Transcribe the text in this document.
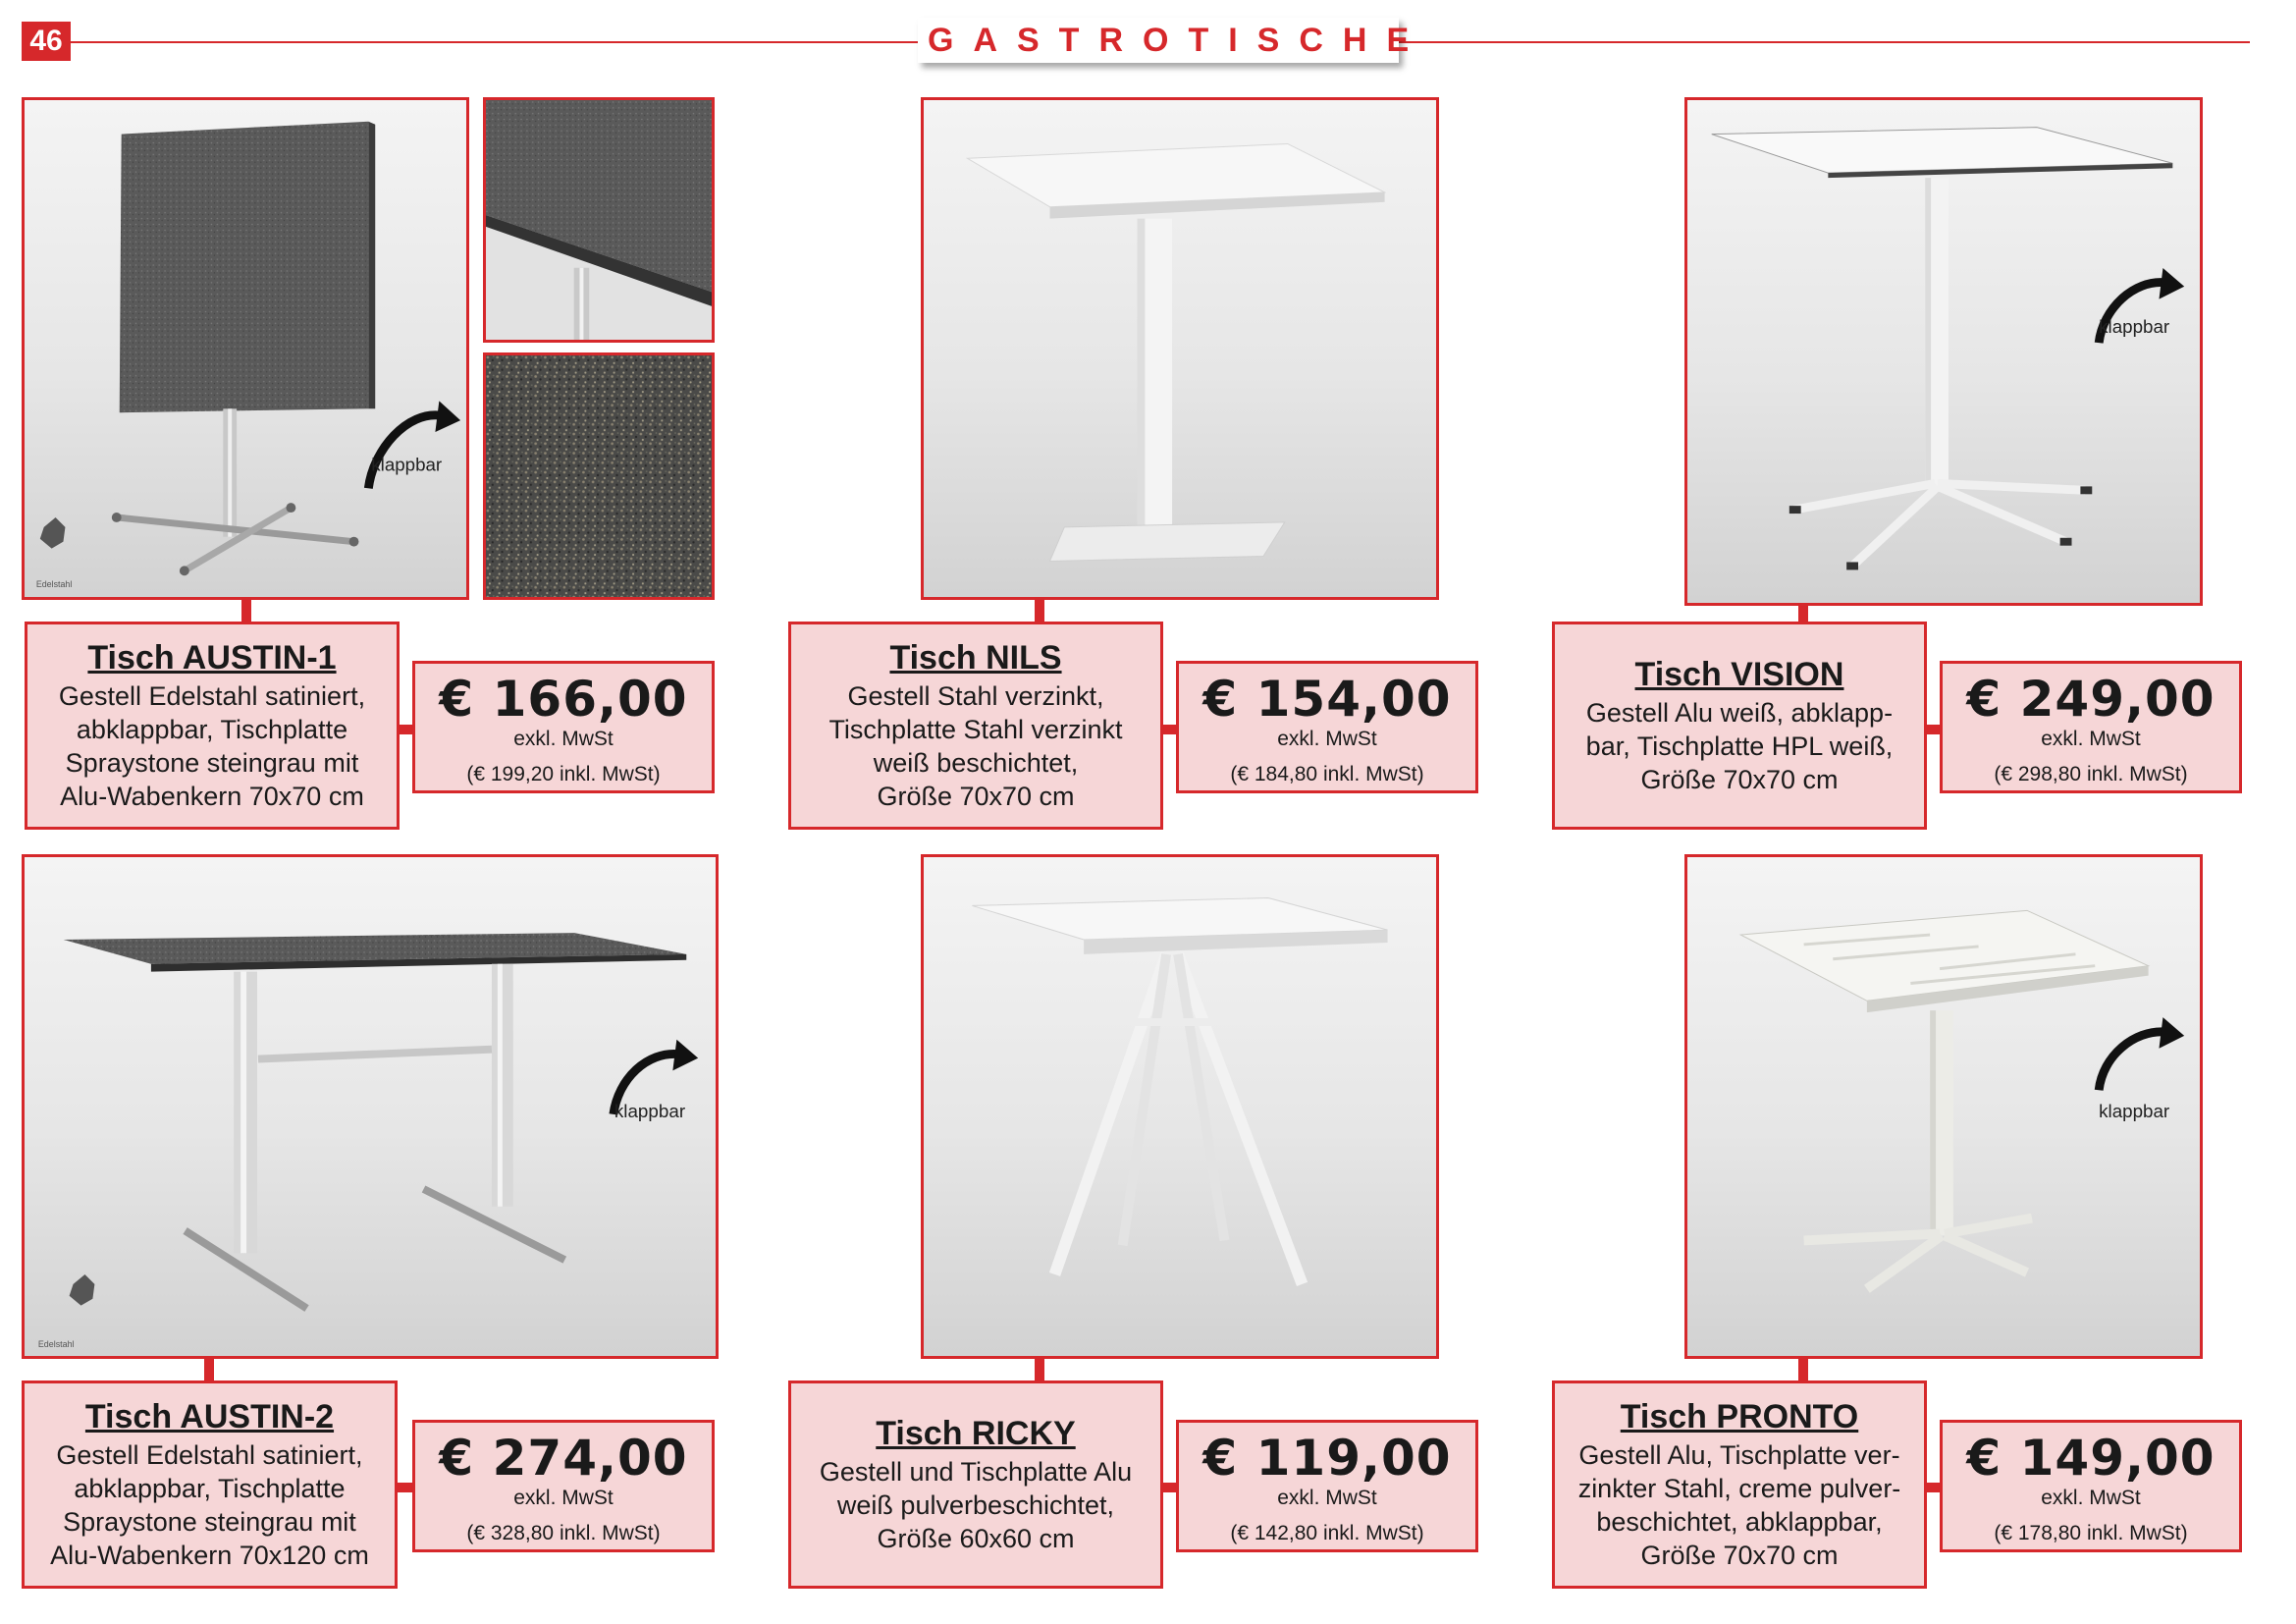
46	GASTROTISCHE
klappbar
Edelstahl
Tisch AUSTIN-1
Gestell Edelstahl satiniert,
abklappbar, Tischplatte
Spraystone steingrau mit
Alu-Wabenkern 70x70 cm
€ 166,00
exkl. MwSt
(€ 199,20 inkl. MwSt)
Tisch NILS
Gestell Stahl verzinkt,
Tischplatte Stahl verzinkt
weiß beschichtet,
Größe 70x70 cm
€ 154,00
exkl. MwSt
(€ 184,80 inkl. MwSt)
klappbar
Tisch VISION
Gestell Alu weiß, abklapp-
bar, Tischplatte HPL weiß,
Größe 70x70 cm
€ 249,00
exkl. MwSt
(€ 298,80 inkl. MwSt)
klappbar
Edelstahl
Tisch AUSTIN-2
Gestell Edelstahl satiniert,
abklappbar, Tischplatte
Spraystone steingrau mit
Alu-Wabenkern 70x120 cm
€ 274,00
exkl. MwSt
(€ 328,80 inkl. MwSt)
Tisch RICKY
Gestell und Tischplatte Alu
weiß pulverbeschichtet,
Größe 60x60 cm
€ 119,00
exkl. MwSt
(€ 142,80 inkl. MwSt)
klappbar
Tisch PRONTO
Gestell Alu, Tischplatte ver-
zinkter Stahl, creme pulver-
beschichtet, abklappbar,
Größe 70x70 cm
€ 149,00
exkl. MwSt
(€ 178,80 inkl. MwSt)
